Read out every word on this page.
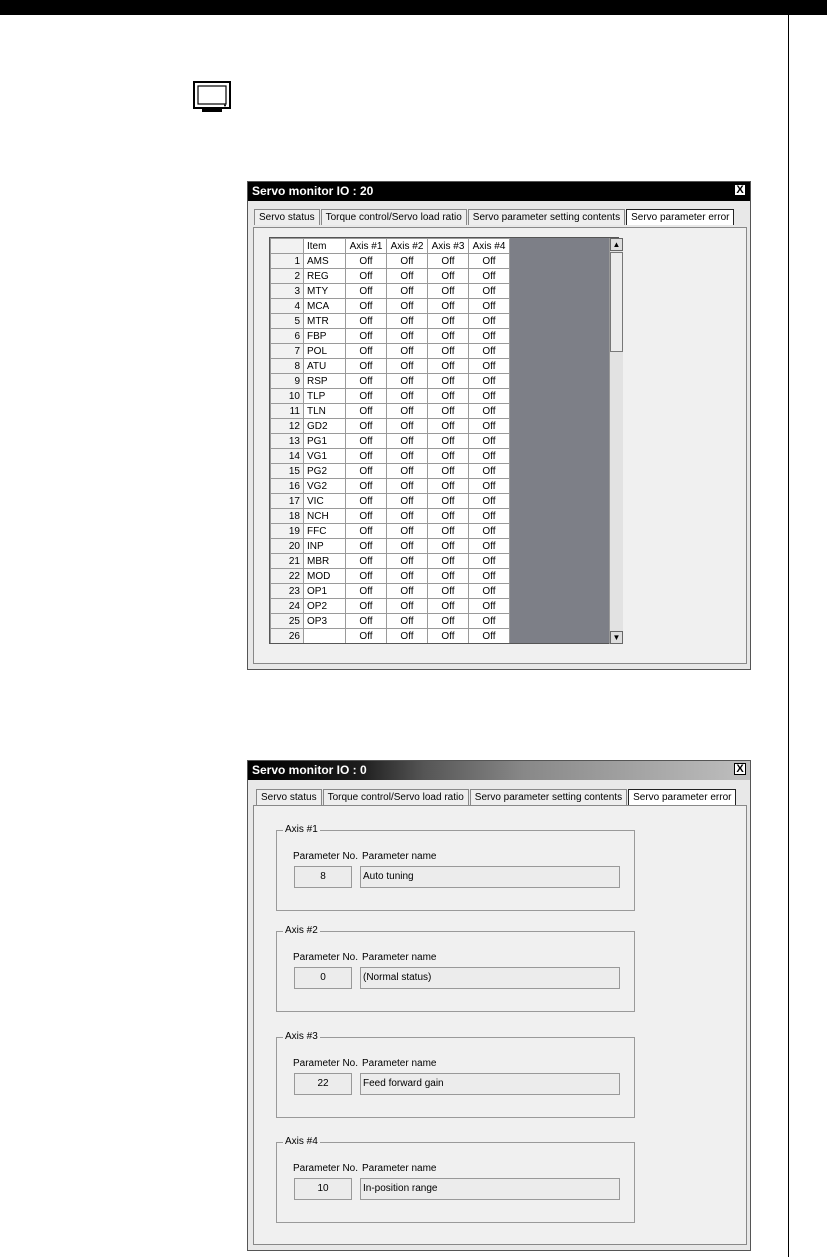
Servo monitor IO : 20	X
Servo status	Torque control/Servo load ratio	Servo parameter setting contents	Servo parameter error
	Item	Axis #1	Axis #2	Axis #3	Axis #4
1	AMS	Off	Off	Off	Off
2	REG	Off	Off	Off	Off
3	MTY	Off	Off	Off	Off
4	MCA	Off	Off	Off	Off
5	MTR	Off	Off	Off	Off
6	FBP	Off	Off	Off	Off
7	POL	Off	Off	Off	Off
8	ATU	Off	Off	Off	Off
9	RSP	Off	Off	Off	Off
10	TLP	Off	Off	Off	Off
11	TLN	Off	Off	Off	Off
12	GD2	Off	Off	Off	Off
13	PG1	Off	Off	Off	Off
14	VG1	Off	Off	Off	Off
15	PG2	Off	Off	Off	Off
16	VG2	Off	Off	Off	Off
17	VIC	Off	Off	Off	Off
18	NCH	Off	Off	Off	Off
19	FFC	Off	Off	Off	Off
20	INP	Off	Off	Off	Off
21	MBR	Off	Off	Off	Off
22	MOD	Off	Off	Off	Off
23	OP1	Off	Off	Off	Off
24	OP2	Off	Off	Off	Off
25	OP3	Off	Off	Off	Off
26		Off	Off	Off	Off
▲
▼
Servo monitor IO : 0	X
Servo status	Torque control/Servo load ratio	Servo parameter setting contents	Servo parameter error
Axis #1
Parameter No. Parameter name
8	Auto tuning
Axis #2
Parameter No. Parameter name
0	(Normal status)
Axis #3
Parameter No. Parameter name
22	Feed forward gain
Axis #4
Parameter No. Parameter name
10	In-position range
